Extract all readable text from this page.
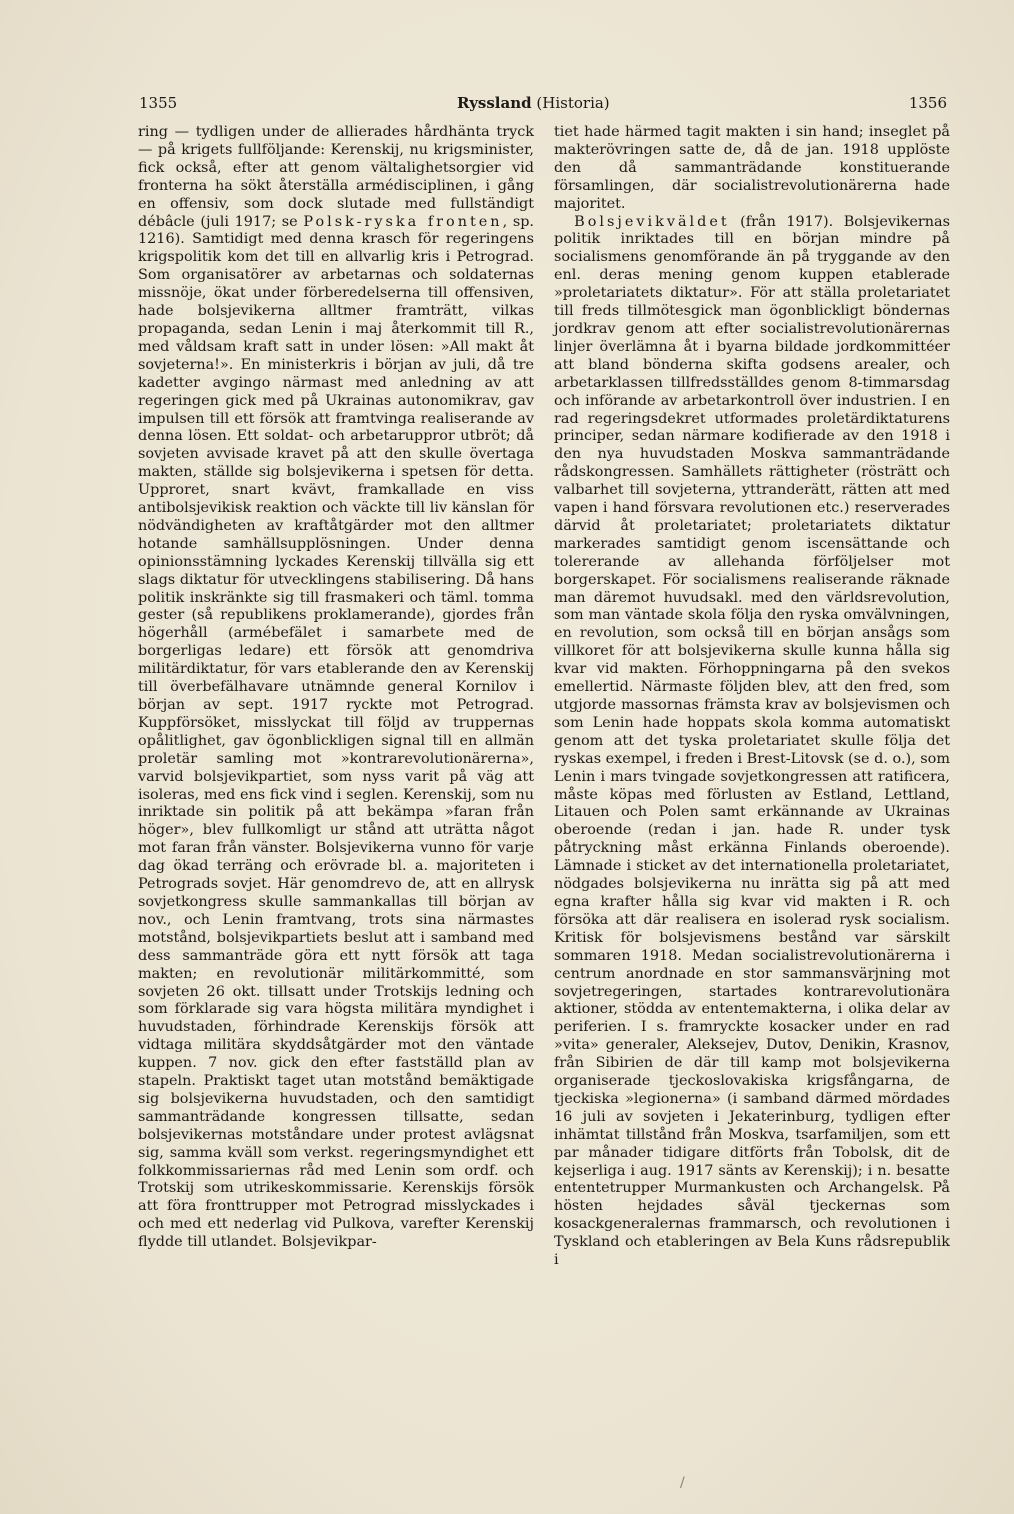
1355	Ryssland (Historia)	1356

ring — tydligen under de allierades hårdhänta tryck — på krigets fullföljande: Kerenskij, nu krigsminister, fick också, efter att genom vältalighetsorgier vid fronterna ha sökt återställa armédisciplinen, i gång en offensiv, som dock slutade med fullständigt débâcle (juli 1917; se Polsk-ryska fronten, sp. 1216). Samtidigt med denna krasch för regeringens krigspolitik kom det till en allvarlig kris i Petrograd. Som organisatörer av arbetarnas och soldaternas missnöje, ökat under förberedelserna till offensiven, hade bolsjevikerna alltmer framträtt, vilkas propaganda, sedan Lenin i maj återkommit till R., med våldsam kraft satt in under lösen: »All makt åt sovjeterna!». En ministerkris i början av juli, då tre kadetter avgingo närmast med anledning av att regeringen gick med på Ukrainas autonomikrav, gav impulsen till ett försök att framtvinga realiserande av denna lösen. Ett soldat- och arbetaruppror utbröt; då sovjeten avvisade kravet på att den skulle övertaga makten, ställde sig bolsjevikerna i spetsen för detta. Upproret, snart kvävt, framkallade en viss antibolsjevikisk reaktion och väckte till liv känslan för nödvändigheten av kraftåtgärder mot den alltmer hotande samhällsupplösningen. Under denna opinionsstämning lyckades Kerenskij tillvälla sig ett slags diktatur för utvecklingens stabilisering. Då hans politik inskränkte sig till frasmakeri och täml. tomma gester (så republikens proklamerande), gjordes från högerhåll (armébefälet i samarbete med de borgerligas ledare) ett försök att genomdriva militärdiktatur, för vars etablerande den av Kerenskij till överbefälhavare utnämnde general Kornilov i början av sept. 1917 ryckte mot Petrograd. Kuppförsöket, misslyckat till följd av truppernas opålitlighet, gav ögonblickligen signal till en allmän proletär samling mot »kontrarevolutionärerna», varvid bolsjevikpartiet, som nyss varit på väg att isoleras, med ens fick vind i seglen. Kerenskij, som nu inriktade sin politik på att bekämpa »faran från höger», blev fullkomligt ur stånd att uträtta något mot faran från vänster. Bolsjevikerna vunno för varje dag ökad terräng och erövrade bl. a. majoriteten i Petrograds sovjet. Här genomdrevo de, att en allrysk sovjetkongress skulle sammankallas till början av nov., och Lenin framtvang, trots sina närmastes motstånd, bolsjevikpartiets beslut att i samband med dess sammanträde göra ett nytt försök att taga makten; en revolutionär militärkommitté, som sovjeten 26 okt. tillsatt under Trotskijs ledning och som förklarade sig vara högsta militära myndighet i huvudstaden, förhindrade Kerenskijs försök att vidtaga militära skyddsåtgärder mot den väntade kuppen. 7 nov. gick den efter fastställd plan av stapeln. Praktiskt taget utan motstånd bemäktigade sig bolsjevikerna huvudstaden, och den samtidigt sammanträdande kongressen tillsatte, sedan bolsjevikernas motståndare under protest avlägsnat sig, samma kväll som verkst. regeringsmyndighet ett folkkommissariernas råd med Lenin som ordf. och Trotskij som utrikeskommissarie. Kerenskijs försök att föra fronttrupper mot Petrograd misslyckades i och med ett nederlag vid Pulkova, varefter Kerenskij flydde till utlandet. Bolsjevikpar-

tiet hade härmed tagit makten i sin hand; inseglet på makterövringen satte de, då de jan. 1918 upplöste den då sammanträdande konstituerande församlingen, där socialistrevolutionärerna hade majoritet.

Bolsjevikväldet (från 1917). Bolsjevikernas politik inriktades till en början mindre på socialismens genomförande än på tryggande av den enl. deras mening genom kuppen etablerade »proletariatets diktatur». För att ställa proletariatet till freds tillmötesgick man ögonblickligt böndernas jordkrav genom att efter socialistrevolutionärernas linjer överlämna åt i byarna bildade jordkommittéer att bland bönderna skifta godsens arealer, och arbetarklassen tillfredsställdes genom 8-timmarsdag och införande av arbetarkontroll över industrien. I en rad regeringsdekret utformades proletärdiktaturens principer, sedan närmare kodifierade av den 1918 i den nya huvudstaden Moskva sammanträdande rådskongressen. Samhällets rättigheter (rösträtt och valbarhet till sovjeterna, yttranderätt, rätten att med vapen i hand försvara revolutionen etc.) reserverades därvid åt proletariatet; proletariatets diktatur markerades samtidigt genom iscensättande och tolererande av allehanda förföljelser mot borgerskapet. För socialismens realiserande räknade man däremot huvudsakl. med den världsrevolution, som man väntade skola följa den ryska omvälvningen, en revolution, som också till en början ansågs som villkoret för att bolsjevikerna skulle kunna hålla sig kvar vid makten. Förhoppningarna på den svekos emellertid. Närmaste följden blev, att den fred, som utgjorde massornas främsta krav av bolsjevismen och som Lenin hade hoppats skola komma automatiskt genom att det tyska proletariatet skulle följa det ryskas exempel, i freden i Brest-Litovsk (se d. o.), som Lenin i mars tvingade sovjetkongressen att ratificera, måste köpas med förlusten av Estland, Lettland, Litauen och Polen samt erkännande av Ukrainas oberoende (redan i jan. hade R. under tysk påtryckning måst erkänna Finlands oberoende). Lämnade i sticket av det internationella proletariatet, nödgades bolsjevikerna nu inrätta sig på att med egna krafter hålla sig kvar vid makten i R. och försöka att där realisera en isolerad rysk socialism. Kritisk för bolsjevismens bestånd var särskilt sommaren 1918. Medan socialistrevolutionärerna i centrum anordnade en stor sammansvärjning mot sovjetregeringen, startades kontrarevolutionära aktioner, stödda av ententemakterna, i olika delar av periferien. I s. framryckte kosacker under en rad »vita» generaler, Aleksejev, Dutov, Denikin, Krasnov, från Sibirien de där till kamp mot bolsjevikerna organiserade tjeckoslovakiska krigsfångarna, de tjeckiska »legionerna» (i samband därmed mördades 16 juli av sovjeten i Jekaterinburg, tydligen efter inhämtat tillstånd från Moskva, tsarfamiljen, som ett par månader tidigare ditförts från Tobolsk, dit de kejserliga i aug. 1917 sänts av Kerenskij); i n. besatte ententetrupper Murmankusten och Archangelsk. På hösten hejdades såväl tjeckernas som kosackgeneralernas frammarsch, och revolutionen i Tyskland och etableringen av Bela Kuns rådsrepublik i

/
